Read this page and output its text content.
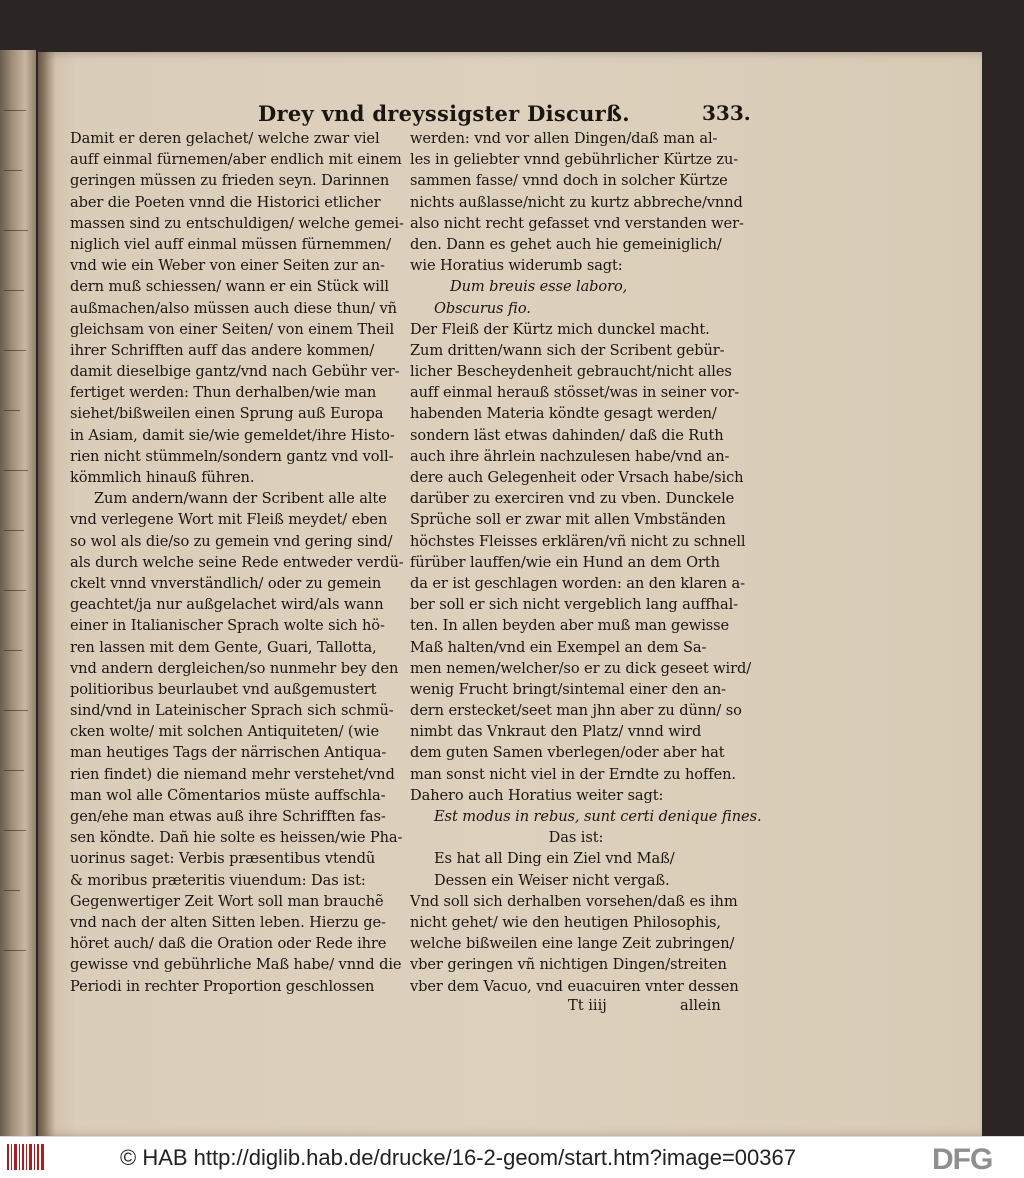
Drey vnd dreyssigster Discurß.	333.
Damit er deren gelachet/ welche zwar viel
auff einmal fürnemen/aber endlich mit einem
geringen müssen zu frieden seyn. Darinnen
aber die Poeten vnnd die Historici etlicher
massen sind zu entschuldigen/ welche gemei-
niglich viel auff einmal müssen fürnemmen/
vnd wie ein Weber von einer Seiten zur an-
dern muß schiessen/ wann er ein Stück will
außmachen/also müssen auch diese thun/ vñ
gleichsam von einer Seiten/ von einem Theil
ihrer Schrifften auff das andere kommen/
damit dieselbige gantz/vnd nach Gebühr ver-
fertiget werden: Thun derhalben/wie man
siehet/bißweilen einen Sprung auß Europa
in Asiam, damit sie/wie gemeldet/ihre Histo-
rien nicht stümmeln/sondern gantz vnd voll-
kömmlich hinauß führen.
Zum andern/wann der Scribent alle alte
vnd verlegene Wort mit Fleiß meydet/ eben
so wol als die/so zu gemein vnd gering sind/
als durch welche seine Rede entweder verdü-
ckelt vnnd vnverständlich/ oder zu gemein
geachtet/ja nur außgelachet wird/als wann
einer in Italianischer Sprach wolte sich hö-
ren lassen mit dem Gente, Guari, Tallotta,
vnd andern dergleichen/so nunmehr bey den
politioribus beurlaubet vnd außgemustert
sind/vnd in Lateinischer Sprach sich schmü-
cken wolte/ mit solchen Antiquiteten/ (wie
man heutiges Tags der närrischen Antiqua-
rien findet) die niemand mehr verstehet/vnd
man wol alle Cõmentarios müste auffschla-
gen/ehe man etwas auß ihre Schrifften fas-
sen köndte. Dañ hie solte es heissen/wie Pha-
uorinus saget: Verbis præsentibus vtendũ
& moribus præteritis viuendum: Das ist:
Gegenwertiger Zeit Wort soll man brauchẽ
vnd nach der alten Sitten leben. Hierzu ge-
höret auch/ daß die Oration oder Rede ihre
gewisse vnd gebührliche Maß habe/ vnnd die
Periodi in rechter Proportion geschlossen
werden: vnd vor allen Dingen/daß man al-
les in geliebter vnnd gebührlicher Kürtze zu-
sammen fasse/ vnnd doch in solcher Kürtze
nichts außlasse/nicht zu kurtz abbreche/vnnd
also nicht recht gefasset vnd verstanden wer-
den. Dann es gehet auch hie gemeiniglich/
wie Horatius widerumb sagt:
Dum breuis esse laboro,
Obscurus fio.
Der Fleiß der Kürtz mich dunckel macht.
Zum dritten/wann sich der Scribent gebür-
licher Bescheydenheit gebraucht/nicht alles
auff einmal herauß stösset/was in seiner vor-
habenden Materia köndte gesagt werden/
sondern läst etwas dahinden/ daß die Ruth
auch ihre ährlein nachzulesen habe/vnd an-
dere auch Gelegenheit oder Vrsach habe/sich
darüber zu exerciren vnd zu vben. Dunckele
Sprüche soll er zwar mit allen Vmbständen
höchstes Fleisses erklären/vñ nicht zu schnell
fürüber lauffen/wie ein Hund an dem Orth
da er ist geschlagen worden: an den klaren a-
ber soll er sich nicht vergeblich lang auffhal-
ten. In allen beyden aber muß man gewisse
Maß halten/vnd ein Exempel an dem Sa-
men nemen/welcher/so er zu dick geseet wird/
wenig Frucht bringt/sintemal einer den an-
dern erstecket/seet man jhn aber zu dünn/ so
nimbt das Vnkraut den Platz/ vnnd wird
dem guten Samen vberlegen/oder aber hat
man sonst nicht viel in der Erndte zu hoffen.
Dahero auch Horatius weiter sagt:
Est modus in rebus, sunt certi denique fines.
Das ist:
Es hat all Ding ein Ziel vnd Maß/
Dessen ein Weiser nicht vergaß.
Vnd soll sich derhalben vorsehen/daß es ihm
nicht gehet/ wie den heutigen Philosophis,
welche bißweilen eine lange Zeit zubringen/
vber geringen vñ nichtigen Dingen/streiten
vber dem Vacuo, vnd euacuiren vnter dessen
Tt iiij	allein
© HAB http://diglib.hab.de/drucke/16-2-geom/start.htm?image=00367	DFG
